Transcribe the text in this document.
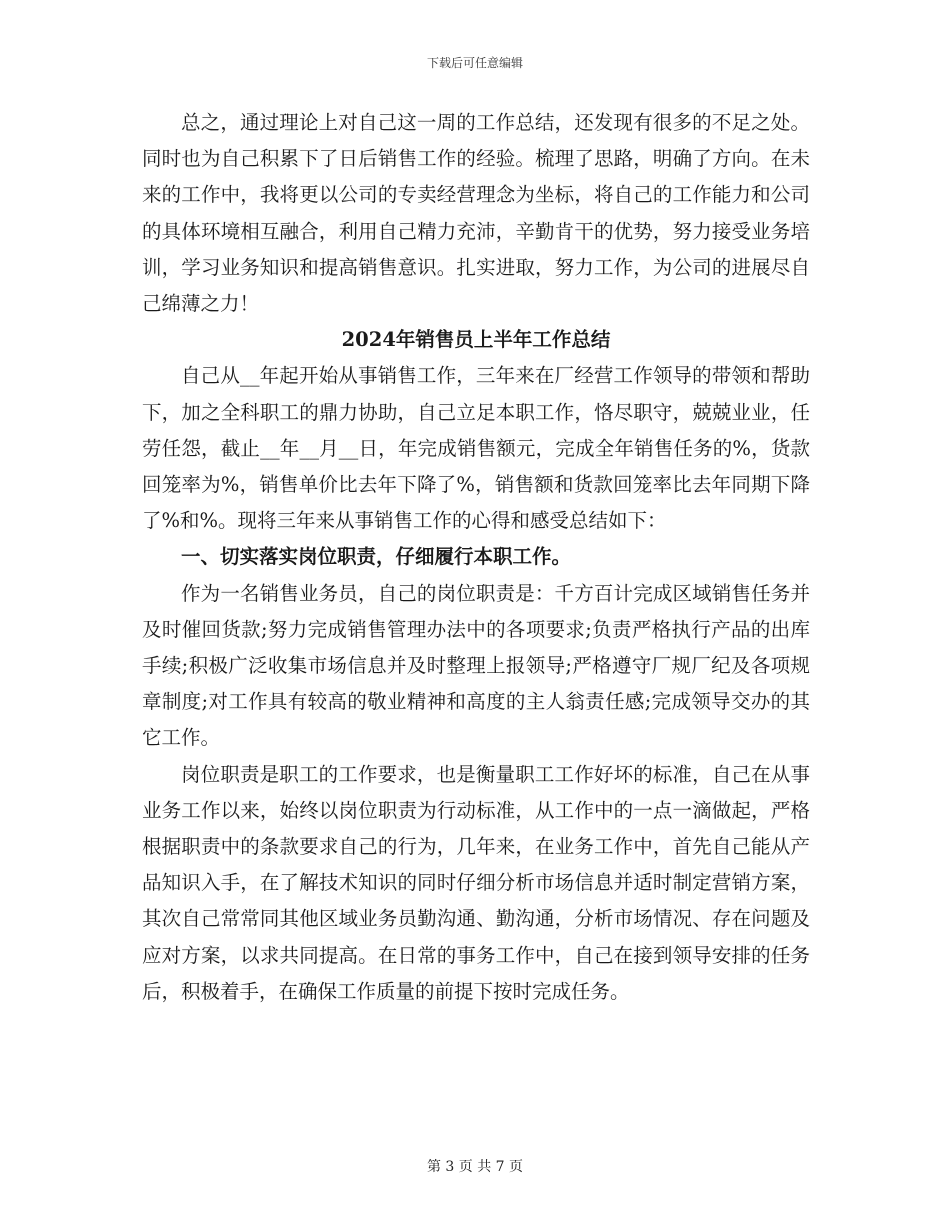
下载后可任意编辑

总之，通过理论上对自己这一周的工作总结，还发现有很多的不足之处。同时也为自己积累下了日后销售工作的经验。梳理了思路，明确了方向。在未来的工作中，我将更以公司的专卖经营理念为坐标，将自己的工作能力和公司的具体环境相互融合，利用自己精力充沛，辛勤肯干的优势，努力接受业务培训，学习业务知识和提高销售意识。扎实进取，努力工作，为公司的进展尽自己绵薄之力！

2024年销售员上半年工作总结

自己从__年起开始从事销售工作，三年来在厂经营工作领导的带领和帮助下，加之全科职工的鼎力协助，自己立足本职工作，恪尽职守，兢兢业业，任劳任怨，截止__年__月__日，年完成销售额元，完成全年销售任务的%，货款回笼率为%，销售单价比去年下降了%，销售额和货款回笼率比去年同期下降了%和%。现将三年来从事销售工作的心得和感受总结如下：

一、切实落实岗位职责，仔细履行本职工作。

作为一名销售业务员，自己的岗位职责是：千方百计完成区域销售任务并及时催回货款;努力完成销售管理办法中的各项要求;负责严格执行产品的出库手续;积极广泛收集市场信息并及时整理上报领导;严格遵守厂规厂纪及各项规章制度;对工作具有较高的敬业精神和高度的主人翁责任感;完成领导交办的其它工作。

岗位职责是职工的工作要求，也是衡量职工工作好坏的标准，自己在从事业务工作以来，始终以岗位职责为行动标准，从工作中的一点一滴做起，严格根据职责中的条款要求自己的行为，几年来，在业务工作中，首先自己能从产品知识入手，在了解技术知识的同时仔细分析市场信息并适时制定营销方案，其次自己常常同其他区域业务员勤沟通、勤沟通，分析市场情况、存在问题及应对方案，以求共同提高。在日常的事务工作中，自己在接到领导安排的任务后，积极着手，在确保工作质量的前提下按时完成任务。

第 3 页 共 7 页
